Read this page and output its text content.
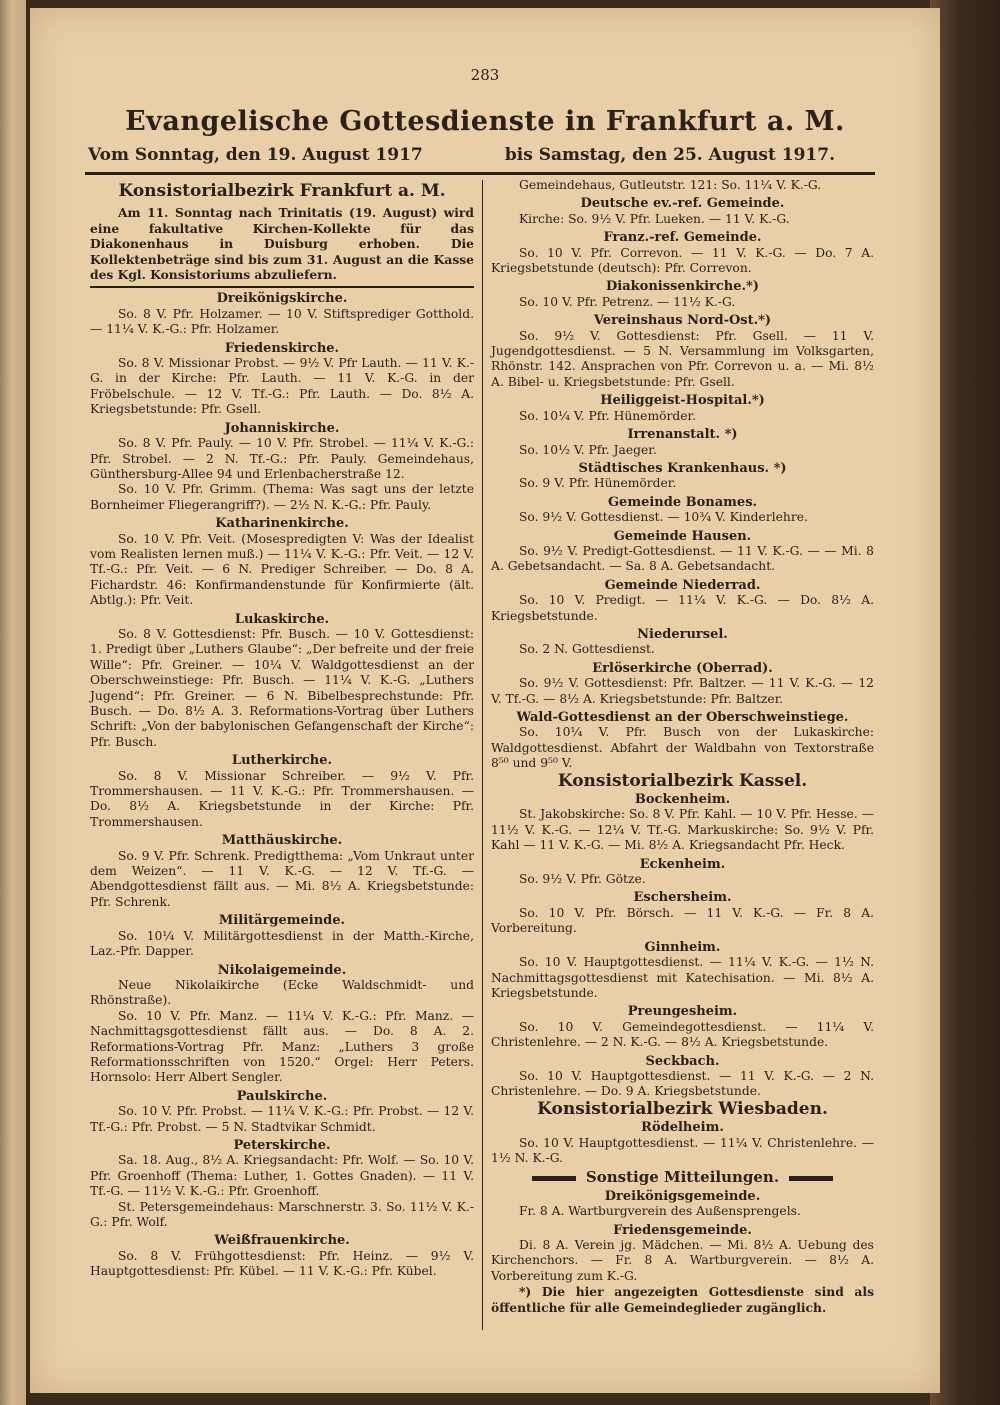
283
Evangelische Gottesdienste in Frankfurt a. M.
Vom Sonntag, den 19. August 1917	bis Samstag, den 25. August 1917.
Konsistorialbezirk Frankfurt a. M.

Am 11. Sonntag nach Trinitatis (19. August) wird eine fakultative Kirchen-Kollekte für das Diakonenhaus in Duisburg erhoben. Die Kollektenbeträge sind bis zum 31. August an die Kasse des Kgl. Konsistoriums abzuliefern.

Dreikönigskirche.

So. 8 V. Pfr. Holzamer. — 10 V. Stiftsprediger Gotthold. — 11¼ V. K.-G.: Pfr. Holzamer.

Friedenskirche.

So. 8 V. Missionar Probst. — 9½ V. Pfr Lauth. — 11 V. K.-G. in der Kirche: Pfr. Lauth. — 11 V. K.-G. in der Fröbelschule. — 12 V. Tf.-G.: Pfr. Lauth. — Do. 8½ A. Kriegsbetstunde: Pfr. Gsell.

Johanniskirche.

So. 8 V. Pfr. Pauly. — 10 V. Pfr. Strobel. — 11¼ V. K.-G.: Pfr. Strobel. — 2 N. Tf.-G.: Pfr. Pauly. Gemeindehaus, Günthersburg-Allee 94 und Erlenbacherstraße 12.

So. 10 V. Pfr. Grimm. (Thema: Was sagt uns der letzte Bornheimer Fliegerangriff?). — 2½ N. K.-G.: Pfr. Pauly.

Katharinenkirche.

So. 10 V. Pfr. Veit. (Mosespredigten V: Was der Idealist vom Realisten lernen muß.) — 11¼ V. K.-G.: Pfr. Veit. — 12 V. Tf.-G.: Pfr. Veit. — 6 N. Prediger Schreiber. — Do. 8 A. Fichardstr. 46: Konfirmandenstunde für Konfirmierte (ält. Abtlg.): Pfr. Veit.

Lukaskirche.

So. 8 V. Gottesdienst: Pfr. Busch. — 10 V. Gottesdienst: 1. Predigt über „Luthers Glaube“: „Der befreite und der freie Wille“: Pfr. Greiner. — 10¼ V. Waldgottesdienst an der Oberschweinstiege: Pfr. Busch. — 11¼ V. K.-G. „Luthers Jugend“: Pfr. Greiner. — 6 N. Bibelbesprechstunde: Pfr. Busch. — Do. 8½ A. 3. Reformations-Vortrag über Luthers Schrift: „Von der babylonischen Gefangenschaft der Kirche“: Pfr. Busch.

Lutherkirche.

So. 8 V. Missionar Schreiber. — 9½ V. Pfr. Trommershausen. — 11 V. K.-G.: Pfr. Trommershausen. — Do. 8½ A. Kriegsbetstunde in der Kirche: Pfr. Trommershausen.

Matthäuskirche.

So. 9 V. Pfr. Schrenk. Predigtthema: „Vom Unkraut unter dem Weizen“. — 11 V. K.-G. — 12 V. Tf.-G. — Abendgottesdienst fällt aus. — Mi. 8½ A. Kriegsbetstunde: Pfr. Schrenk.

Militärgemeinde.

So. 10¼ V. Militärgottesdienst in der Matth.-Kirche, Laz.-Pfr. Dapper.

Nikolaigemeinde.

Neue Nikolaikirche (Ecke Waldschmidt- und Rhönstraße).

So. 10 V. Pfr. Manz. — 11¼ V. K.-G.: Pfr. Manz. — Nachmittagsgottesdienst fällt aus. — Do. 8 A. 2. Reformations-Vortrag Pfr. Manz: „Luthers 3 große Reformationsschriften von 1520.“ Orgel: Herr Peters. Hornsolo: Herr Albert Sengler.

Paulskirche.

So. 10 V. Pfr. Probst. — 11¼ V. K.-G.: Pfr. Probst. — 12 V. Tf.-G.: Pfr. Probst. — 5 N. Stadtvikar Schmidt.

Peterskirche.

Sa. 18. Aug., 8½ A. Kriegsandacht: Pfr. Wolf. — So. 10 V. Pfr. Groenhoff (Thema: Luther, 1. Gottes Gnaden). — 11 V. Tf.-G. — 11½ V. K.-G.: Pfr. Groenhoff.

St. Petersgemeindehaus: Marschnerstr. 3. So. 11½ V. K.-G.: Pfr. Wolf.

Weißfrauenkirche.

So. 8 V. Frühgottesdienst: Pfr. Heinz. — 9½ V. Hauptgottesdienst: Pfr. Kübel. — 11 V. K.-G.: Pfr. Kübel.

Gemeindehaus, Gutleutstr. 121: So. 11¼ V. K.-G.

Deutsche ev.-ref. Gemeinde.

Kirche: So. 9½ V. Pfr. Lueken. — 11 V. K.-G.

Franz.-ref. Gemeinde.

So. 10 V. Pfr. Correvon. — 11 V. K.-G. — Do. 7 A. Kriegsbetstunde (deutsch): Pfr. Correvon.

Diakonissenkirche.*)

So. 10 V. Pfr. Petrenz. — 11½ K.-G.

Vereinshaus Nord-Ost.*)

So. 9½ V. Gottesdienst: Pfr. Gsell. — 11 V. Jugendgottesdienst. — 5 N. Versammlung im Volksgarten, Rhönstr. 142. Ansprachen von Pfr. Correvon u. a. — Mi. 8½ A. Bibel- u. Kriegsbetstunde: Pfr. Gsell.

Heiliggeist-Hospital.*)

So. 10¼ V. Pfr. Hünemörder.

Irrenanstalt. *)

So. 10½ V. Pfr. Jaeger.

Städtisches Krankenhaus. *)

So. 9 V. Pfr. Hünemörder.

Gemeinde Bonames.

So. 9½ V. Gottesdienst. — 10¾ V. Kinderlehre.

Gemeinde Hausen.

So. 9½ V. Predigt-Gottesdienst. — 11 V. K.-G. — — Mi. 8 A. Gebetsandacht. — Sa. 8 A. Gebetsandacht.

Gemeinde Niederrad.

So. 10 V. Predigt. — 11¼ V. K.-G. — Do. 8½ A. Kriegsbetstunde.

Niederursel.

So. 2 N. Gottesdienst.

Erlöserkirche (Oberrad).

So. 9½ V. Gottesdienst: Pfr. Baltzer. — 11 V. K.-G. — 12 V. Tf.-G. — 8½ A. Kriegsbetstunde: Pfr. Baltzer.

Wald-Gottesdienst an der Oberschweinstiege.

So. 10¼ V. Pfr. Busch von der Lukaskirche: Waldgottesdienst. Abfahrt der Waldbahn von Textorstraße 8⁵⁰ und 9⁵⁰ V.

Konsistorialbezirk Kassel.
Bockenheim.

St. Jakobskirche: So. 8 V. Pfr. Kahl. — 10 V. Pfr. Hesse. — 11½ V. K.-G. — 12¼ V. Tf.-G. Markuskirche: So. 9½ V. Pfr. Kahl — 11 V. K.-G. — Mi. 8½ A. Kriegsandacht Pfr. Heck.

Eckenheim.

So. 9½ V. Pfr. Götze.

Eschersheim.

So. 10 V. Pfr. Börsch. — 11 V. K.-G. — Fr. 8 A. Vorbereitung.

Ginnheim.

So. 10 V. Hauptgottesdienst. — 11¼ V. K.-G. — 1½ N. Nachmittagsgottesdienst mit Katechisation. — Mi. 8½ A. Kriegsbetstunde.

Preungesheim.

So. 10 V. Gemeindegottesdienst. — 11¼ V. Christenlehre. — 2 N. K.-G. — 8½ A. Kriegsbetstunde.

Seckbach.

So. 10 V. Hauptgottesdienst. — 11 V. K.-G. — 2 N. Christenlehre. — Do. 9 A. Kriegsbetstunde.

Konsistorialbezirk Wiesbaden.
Rödelheim.

So. 10 V. Hauptgottesdienst. — 11¼ V. Christenlehre. — 1½ N. K.-G.

Sonstige Mitteilungen.
Dreikönigsgemeinde.

Fr. 8 A. Wartburgverein des Außensprengels.

Friedensgemeinde.

Di. 8 A. Verein jg. Mädchen. — Mi. 8½ A. Uebung des Kirchenchors. — Fr. 8 A. Wartburgverein. — 8½ A. Vorbereitung zum K.-G.

*) Die hier angezeigten Gottesdienste sind als öffentliche für alle Gemeindeglieder zugänglich.
